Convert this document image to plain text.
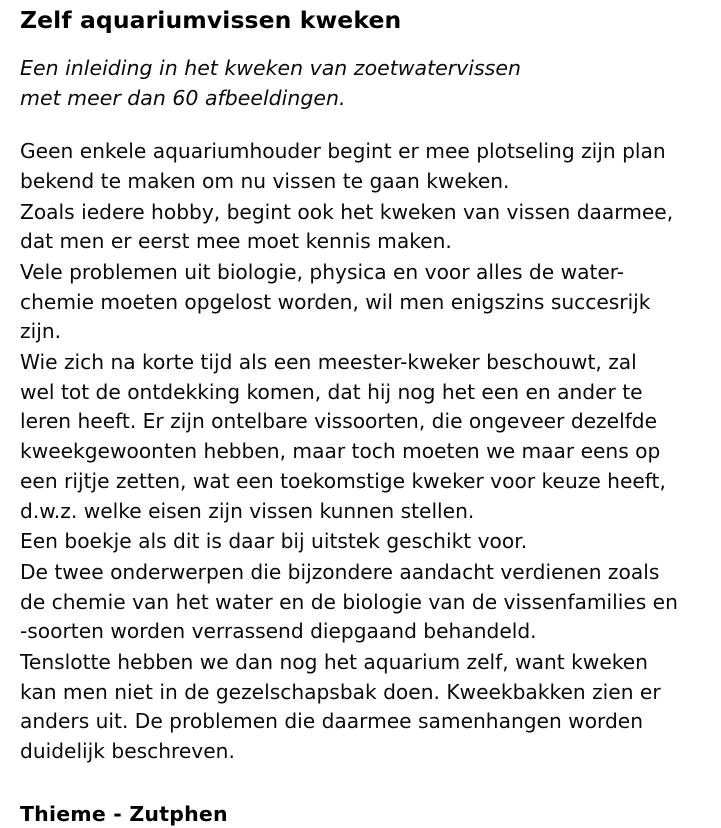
Zelf aquariumvissen kweken
Een inleiding in het kweken van zoetwatervissen
met meer dan 60 afbeeldingen.

Geen enkele aquariumhouder begint er mee plotseling zijn plan
bekend te maken om nu vissen te gaan kweken.

Zoals iedere hobby, begint ook het kweken van vissen daarmee,
dat men er eerst mee moet kennis maken.

Vele problemen uit biologie, physica en voor alles de water-
chemie moeten opgelost worden, wil men enigszins succesrijk
zijn.

Wie zich na korte tijd als een meester-kweker beschouwt, zal
wel tot de ontdekking komen, dat hij nog het een en ander te
leren heeft. Er zijn ontelbare vissoorten, die ongeveer dezelfde
kweekgewoonten hebben, maar toch moeten we maar eens op
een rijtje zetten, wat een toekomstige kweker voor keuze heeft,
d.w.z. welke eisen zijn vissen kunnen stellen.

Een boekje als dit is daar bij uitstek geschikt voor.

De twee onderwerpen die bijzondere aandacht verdienen zoals
de chemie van het water en de biologie van de vissenfamilies en
-soorten worden verrassend diepgaand behandeld.

Tenslotte hebben we dan nog het aquarium zelf, want kweken
kan men niet in de gezelschapsbak doen. Kweekbakken zien er
anders uit. De problemen die daarmee samenhangen worden
duidelijk beschreven.

Thieme - Zutphen
